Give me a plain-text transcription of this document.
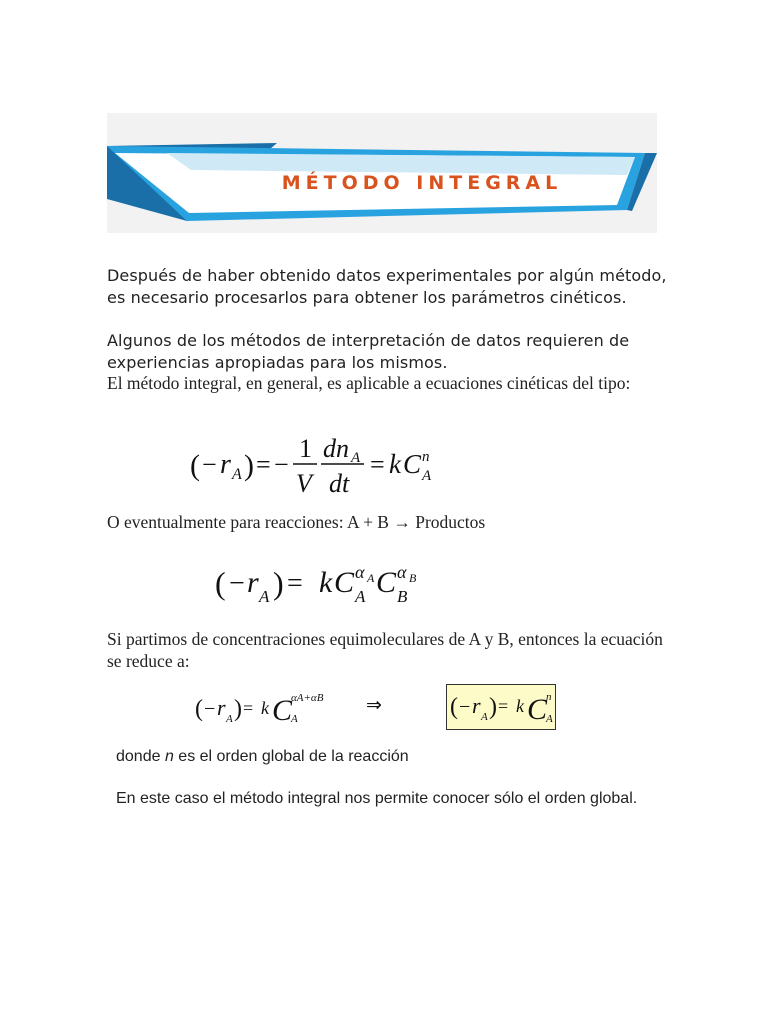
MÉTODO INTEGRAL

Después de haber obtenido datos experimentales por algún método, es necesario procesarlos para obtener los parámetros cinéticos.

Algunos de los métodos de interpretación de datos requieren de experiencias apropiadas para los mismos.

El método integral, en general, es aplicable a ecuaciones cinéticas del tipo:

( − r A ) = −
1
V
dn A
dt
= k C n
A

O eventualmente para reacciones: A + B → Productos

( − r A ) = k C α A
A C α B
B

Si partimos de concentraciones equimoleculares de A y B, entonces la ecuación se reduce a:

( − r A ) = k C
αA+αB
A
⇒	( − r A ) = k C
n
A

donde n es el orden global de la reacción

En este caso el método integral nos permite conocer sólo el orden global.
